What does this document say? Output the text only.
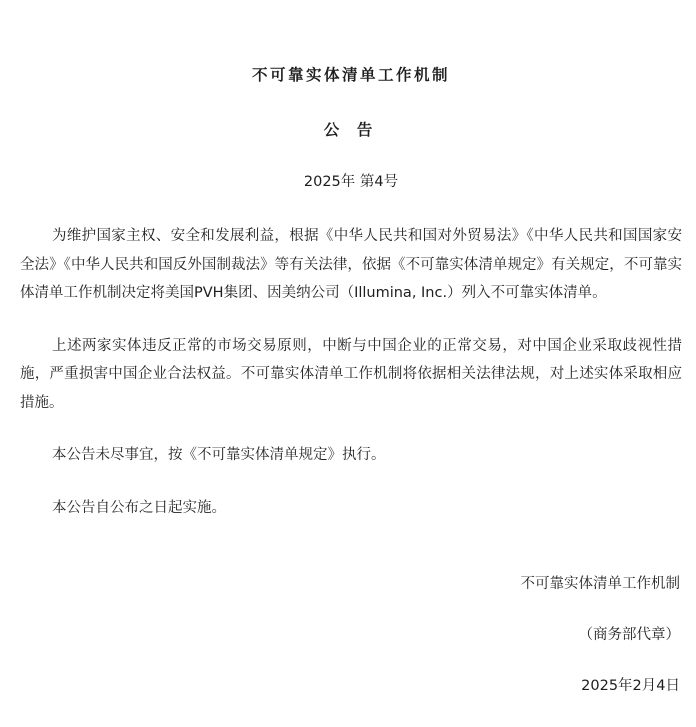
不可靠实体清单工作机制
公 告
2025年 第4号

为维护国家主权、安全和发展利益，根据《中华人民共和国对外贸易法》《中华人民共和国国家安全法》《中华人民共和国反外国制裁法》等有关法律，依据《不可靠实体清单规定》有关规定，不可靠实体清单工作机制决定将美国PVH集团、因美纳公司（Illumina, Inc.）列入不可靠实体清单。

上述两家实体违反正常的市场交易原则，中断与中国企业的正常交易，对中国企业采取歧视性措施，严重损害中国企业合法权益。不可靠实体清单工作机制将依据相关法律法规，对上述实体采取相应措施。

本公告未尽事宜，按《不可靠实体清单规定》执行。

本公告自公布之日起实施。

不可靠实体清单工作机制
（商务部代章）
2025年2月4日
